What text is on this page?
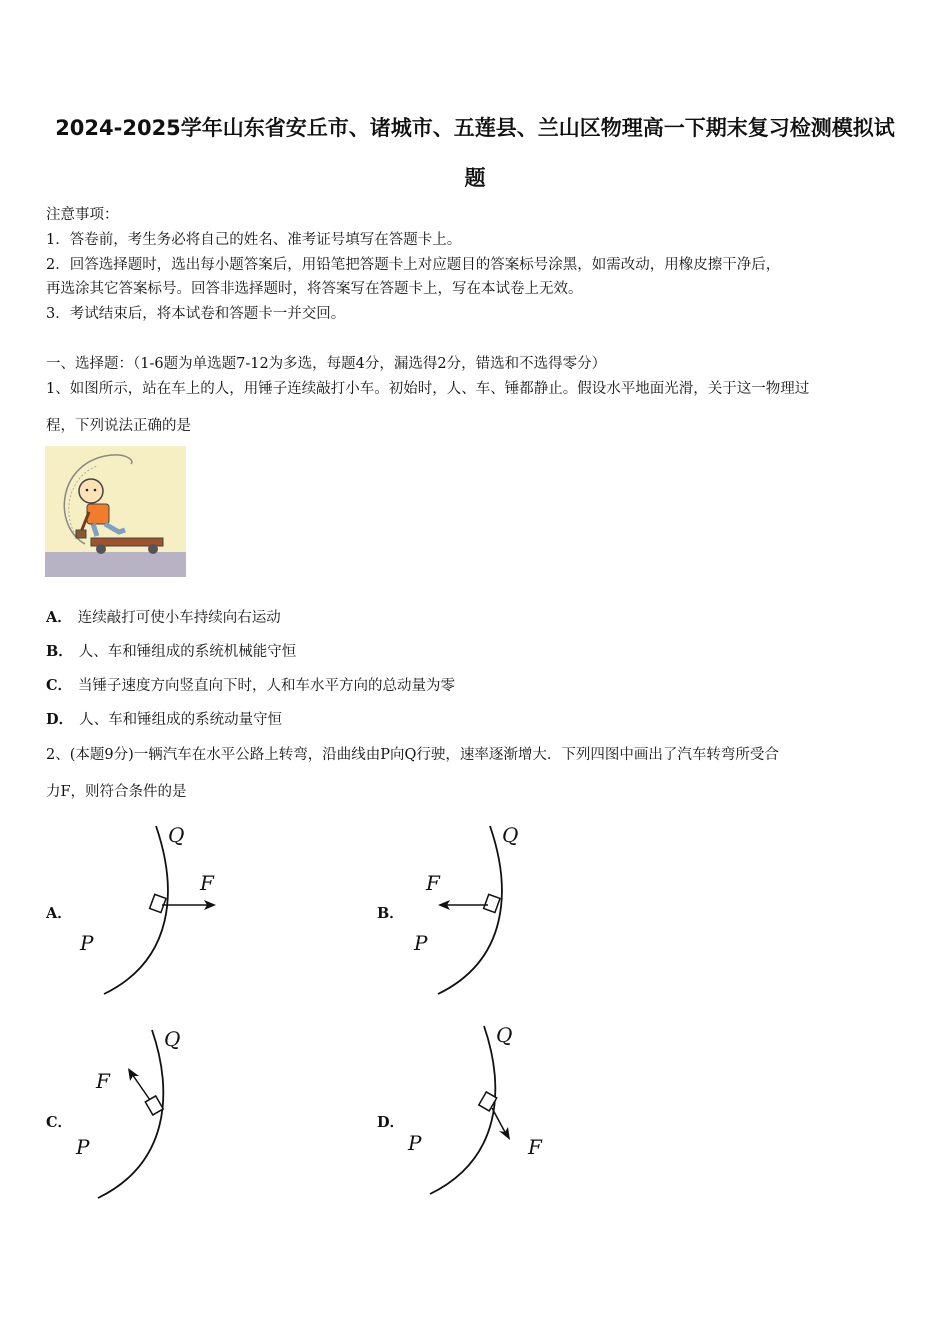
2024-2025学年山东省安丘市、诸城市、五莲县、兰山区物理高一下期末复习检测模拟试
题
注意事项：
1．答卷前，考生务必将自己的姓名、准考证号填写在答题卡上。
2．回答选择题时，选出每小题答案后，用铅笔把答题卡上对应题目的答案标号涂黑，如需改动，用橡皮擦干净后，
再选涂其它答案标号。回答非选择题时，将答案写在答题卡上，写在本试卷上无效。
3．考试结束后，将本试卷和答题卡一并交回。
一、选择题：（1-6题为单选题7-12为多选，每题4分，漏选得2分，错选和不选得零分）
1、如图所示，站在车上的人，用锤子连续敲打小车。初始时，人、车、锤都静止。假设水平地面光滑，关于这一物理过
程，下列说法正确的是
A． 连续敲打可使小车持续向右运动
B． 人、车和锤组成的系统机械能守恒
C． 当锤子速度方向竖直向下时，人和车水平方向的总动量为零
D． 人、车和锤组成的系统动量守恒
2、(本题9分)一辆汽车在水平公路上转弯，沿曲线由P向Q行驶，速率逐渐增大．下列四图中画出了汽车转弯所受合
力F，则符合条件的是
A．
Q
P
F
B．
Q
P
F
C．
Q
P
F
D．
Q
P	F
